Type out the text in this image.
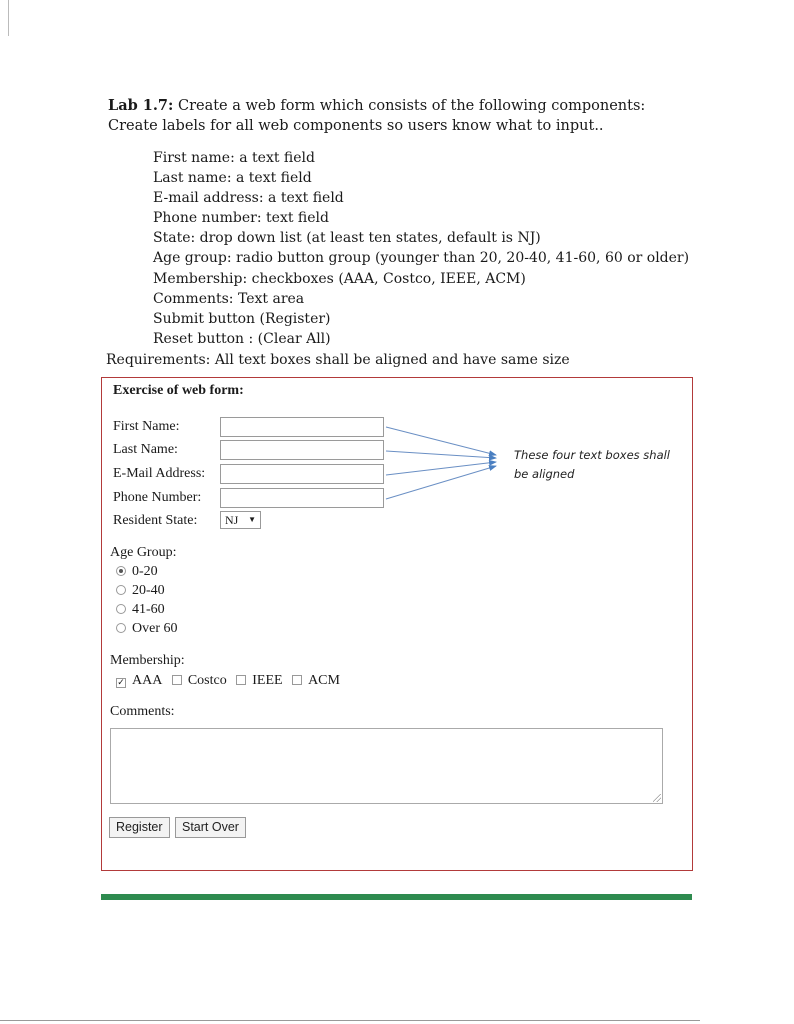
Lab 1.7: Create a web form which consists of the following components: Create labels for all web components so users know what to input..
First name: a text field
Last name: a text field
E-mail address: a text field
Phone number: text field
State: drop down list (at least ten states, default is NJ)
Age group: radio button group (younger than 20, 20-40, 41-60, 60 or older)
Membership: checkboxes (AAA, Costco, IEEE, ACM)
Comments: Text area
Submit button (Register)
Reset button : (Clear All)
Requirements: All text boxes shall be aligned and have same size
Exercise of web form:
First Name:
Last Name:
E-Mail Address:
Phone Number:
Resident State:	NJ ▼
Age Group:
0-20
20-40
41-60
Over 60
Membership:
✓ AAA Costco IEEE ACM
Comments:
Register	Start Over
These four text boxes shall be aligned
